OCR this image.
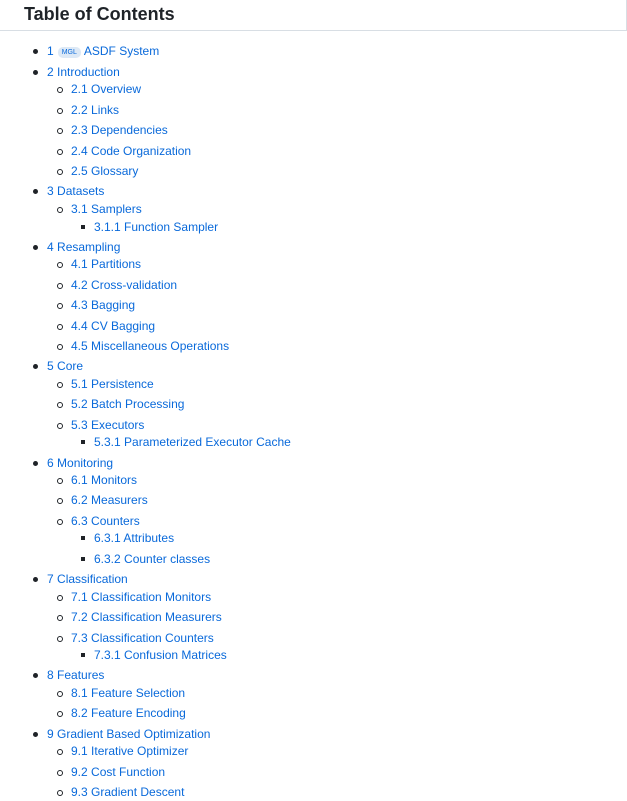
Table of Contents
1 MGL ASDF System
2 Introduction
2.1 Overview
2.2 Links
2.3 Dependencies
2.4 Code Organization
2.5 Glossary
3 Datasets
3.1 Samplers
3.1.1 Function Sampler
4 Resampling
4.1 Partitions
4.2 Cross-validation
4.3 Bagging
4.4 CV Bagging
4.5 Miscellaneous Operations
5 Core
5.1 Persistence
5.2 Batch Processing
5.3 Executors
5.3.1 Parameterized Executor Cache
6 Monitoring
6.1 Monitors
6.2 Measurers
6.3 Counters
6.3.1 Attributes
6.3.2 Counter classes
7 Classification
7.1 Classification Monitors
7.2 Classification Measurers
7.3 Classification Counters
7.3.1 Confusion Matrices
8 Features
8.1 Feature Selection
8.2 Feature Encoding
9 Gradient Based Optimization
9.1 Iterative Optimizer
9.2 Cost Function
9.3 Gradient Descent
